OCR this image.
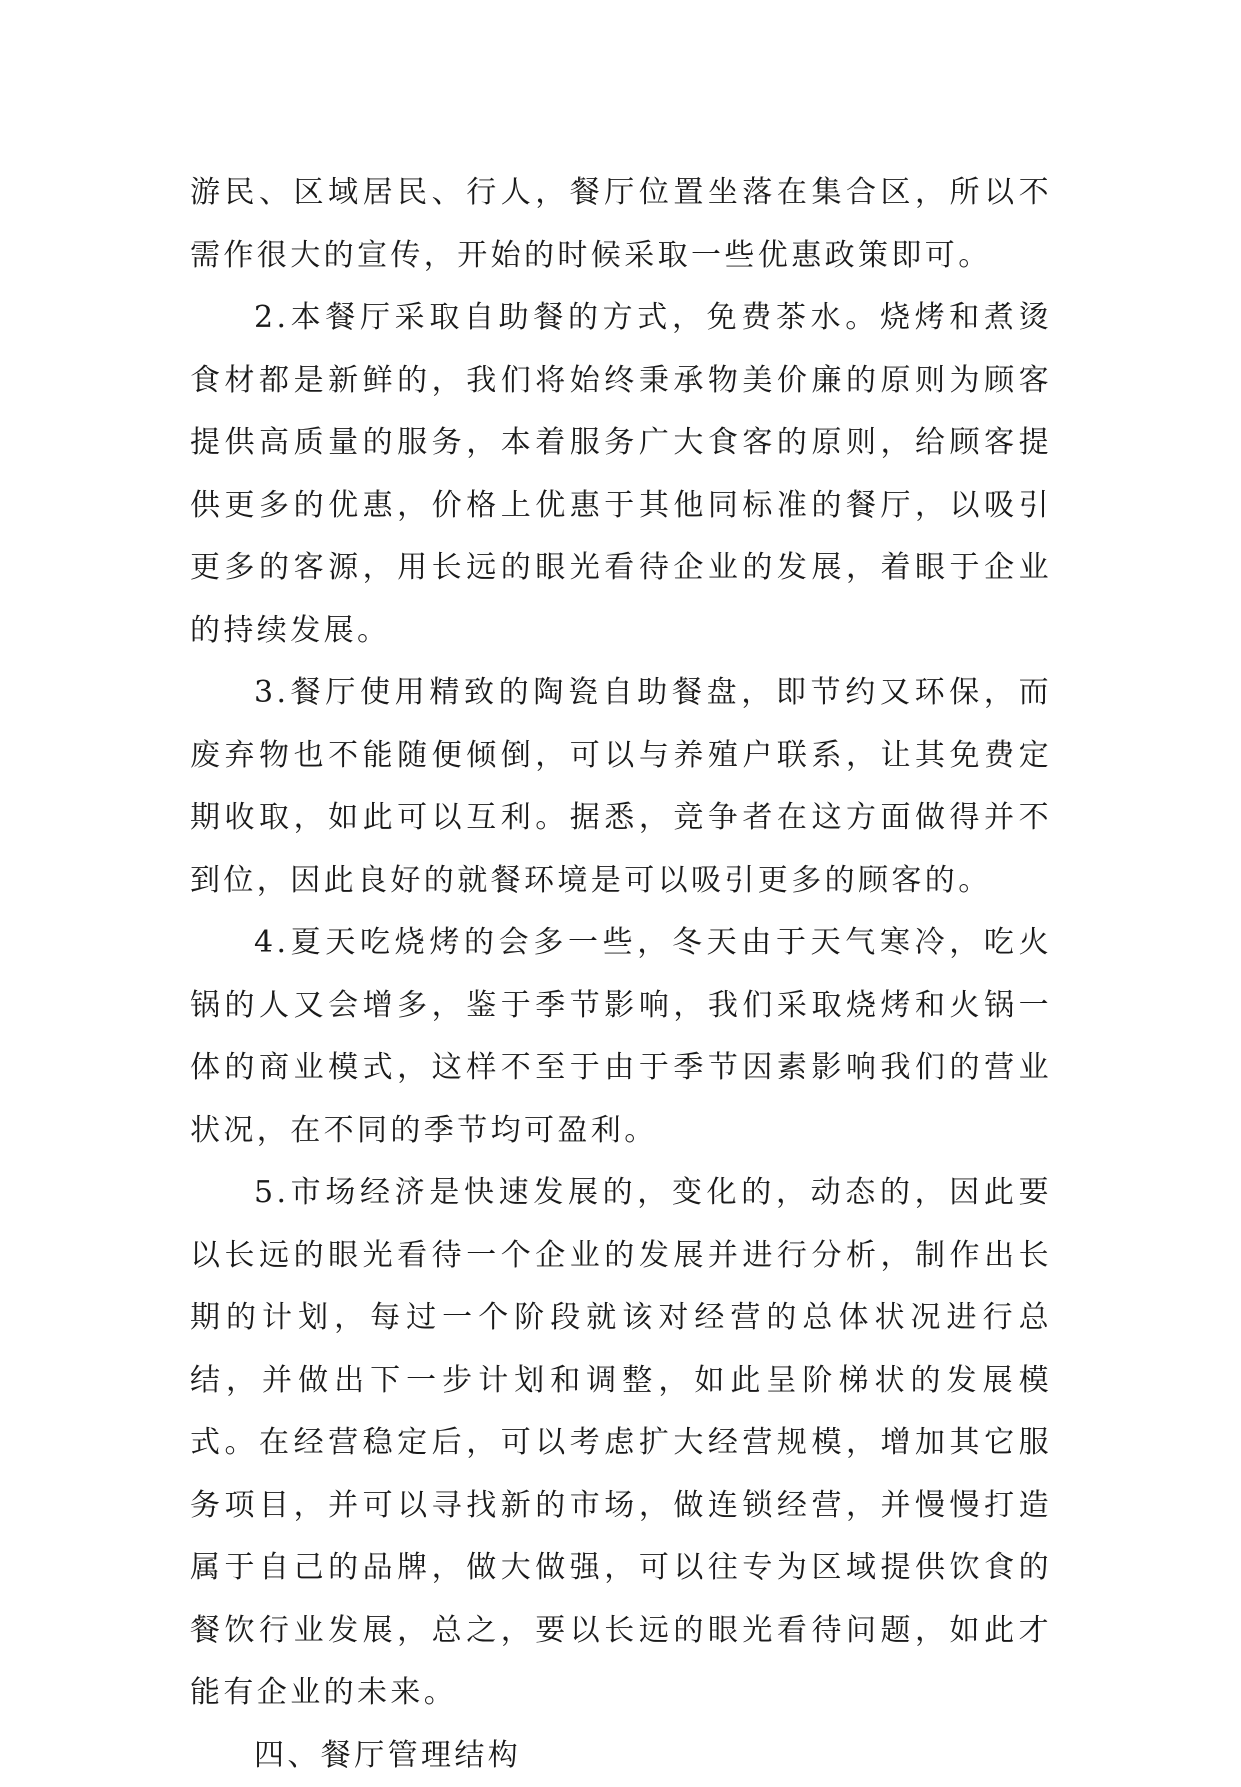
游民、区域居民、行人，餐厅位置坐落在集合区，所以不需作很大的宣传，开始的时候采取一些优惠政策即可。

2.本餐厅采取自助餐的方式，免费茶水。烧烤和煮烫食材都是新鲜的，我们将始终秉承物美价廉的原则为顾客提供高质量的服务，本着服务广大食客的原则，给顾客提供更多的优惠，价格上优惠于其他同标准的餐厅，以吸引更多的客源，用长远的眼光看待企业的发展，着眼于企业的持续发展。

3.餐厅使用精致的陶瓷自助餐盘，即节约又环保，而废弃物也不能随便倾倒，可以与养殖户联系，让其免费定期收取，如此可以互利。据悉，竞争者在这方面做得并不到位，因此良好的就餐环境是可以吸引更多的顾客的。

4.夏天吃烧烤的会多一些，冬天由于天气寒冷，吃火锅的人又会增多，鉴于季节影响，我们采取烧烤和火锅一体的商业模式，这样不至于由于季节因素影响我们的营业状况，在不同的季节均可盈利。

5.市场经济是快速发展的，变化的，动态的，因此要以长远的眼光看待一个企业的发展并进行分析，制作出长期的计划，每过一个阶段就该对经营的总体状况进行总结，并做出下一步计划和调整，如此呈阶梯状的发展模式。在经营稳定后，可以考虑扩大经营规模，增加其它服务项目，并可以寻找新的市场，做连锁经营，并慢慢打造属于自己的品牌，做大做强，可以往专为区域提供饮食的餐饮行业发展，总之，要以长远的眼光看待问题，如此才能有企业的未来。

四、餐厅管理结构
